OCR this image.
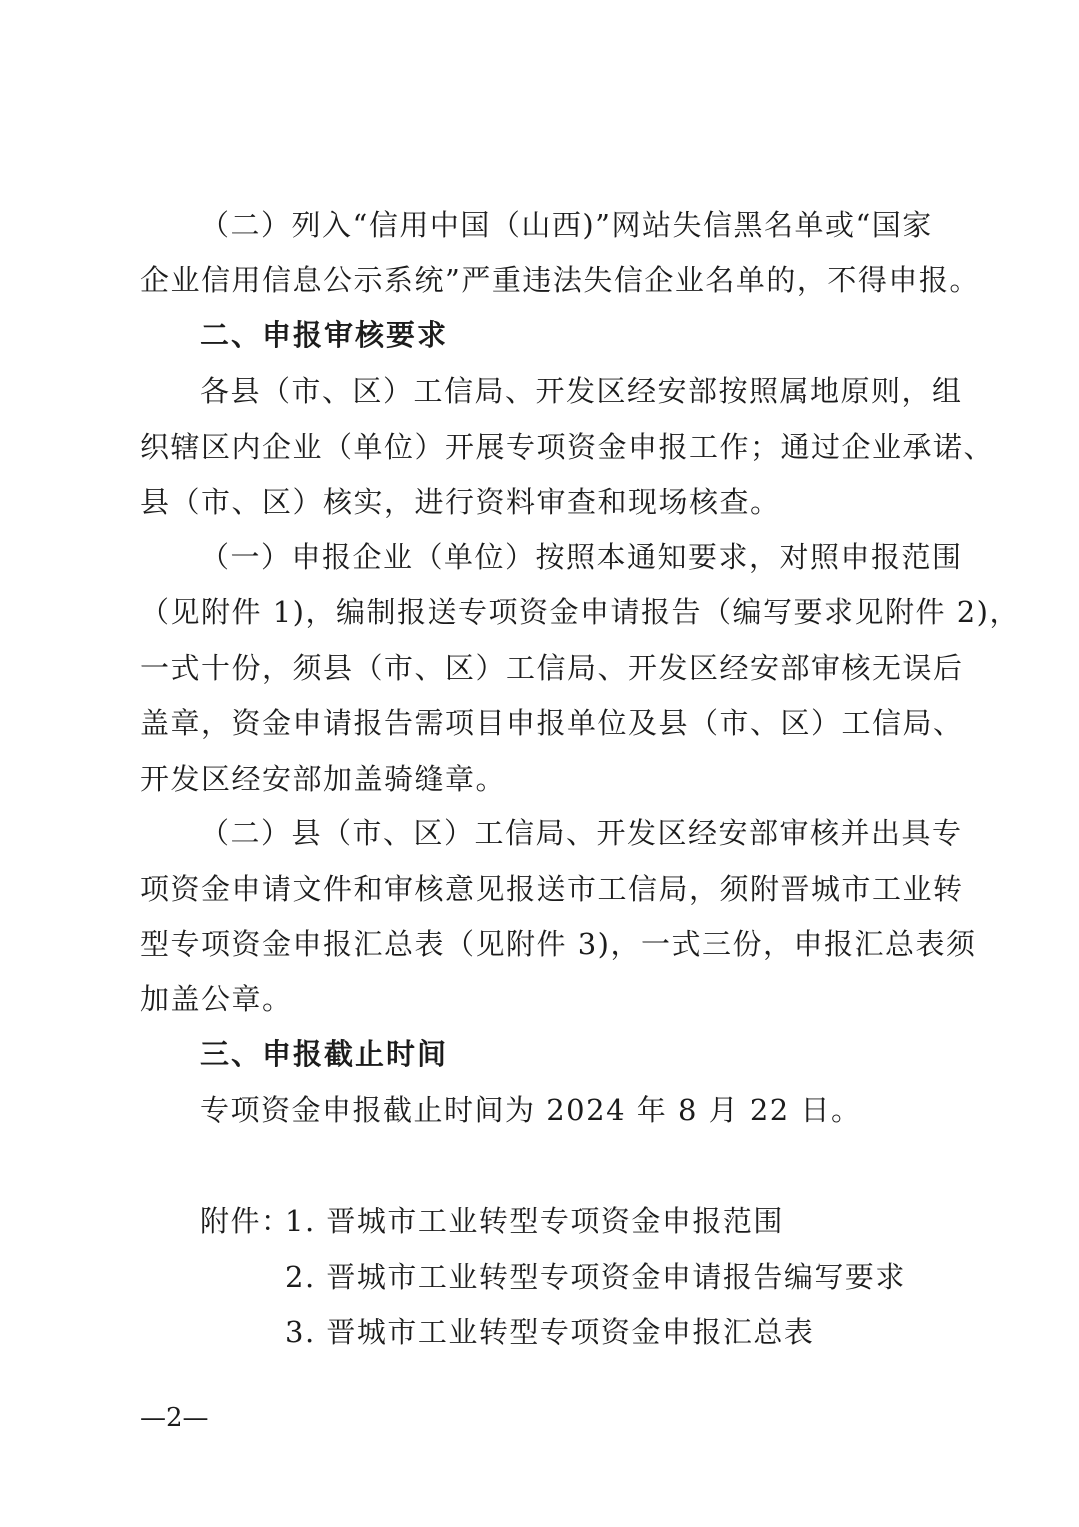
（二）列入“信用中国（山西)”网站失信黑名单或“国家
企业信用信息公示系统”严重违法失信企业名单的，不得申报。
二、申报审核要求
各县（市、区）工信局、开发区经安部按照属地原则，组
织辖区内企业（单位）开展专项资金申报工作；通过企业承诺、
县（市、区）核实，进行资料审查和现场核查。
（一）申报企业（单位）按照本通知要求，对照申报范围
（见附件 1)，编制报送专项资金申请报告（编写要求见附件 2)，
一式十份，须县（市、区）工信局、开发区经安部审核无误后
盖章，资金申请报告需项目申报单位及县（市、区）工信局、
开发区经安部加盖骑缝章。
（二）县（市、区）工信局、开发区经安部审核并出具专
项资金申请文件和审核意见报送市工信局，须附晋城市工业转
型专项资金申报汇总表（见附件 3)，一式三份，申报汇总表须
加盖公章。
三、申报截止时间
专项资金申报截止时间为 2024 年 8 月 22 日。
附件：
1. 晋城市工业转型专项资金申报范围
2. 晋城市工业转型专项资金申请报告编写要求
3. 晋城市工业转型专项资金申报汇总表
—2—
